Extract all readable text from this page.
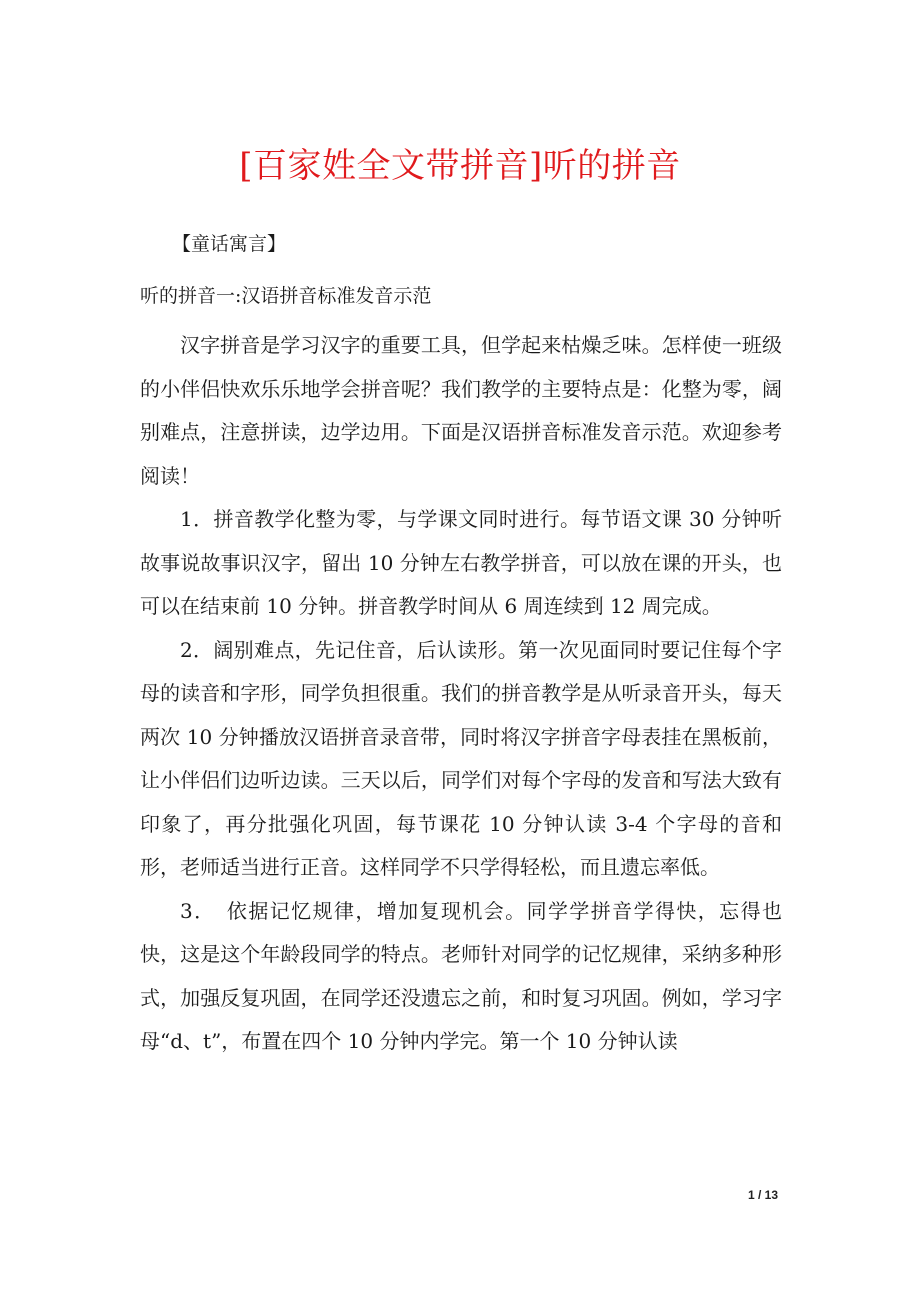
[百家姓全文带拼音]听的拼音
【童话寓言】
听的拼音一:汉语拼音标准发音示范

汉字拼音是学习汉字的重要工具，但学起来枯燥乏味。怎样使一班级的小伴侣快欢乐乐地学会拼音呢？我们教学的主要特点是：化整为零，阔别难点，注意拼读，边学边用。下面是汉语拼音标准发音示范。欢迎参考阅读！

1．拼音教学化整为零，与学课文同时进行。每节语文课 30 分钟听故事说故事识汉字，留出 10 分钟左右教学拼音，可以放在课的开头，也可以在结束前 10 分钟。拼音教学时间从 6 周连续到 12 周完成。

2．阔别难点，先记住音，后认读形。第一次见面同时要记住每个字母的读音和字形，同学负担很重。我们的拼音教学是从听录音开头，每天两次 10 分钟播放汉语拼音录音带，同时将汉字拼音字母表挂在黑板前，让小伴侣们边听边读。三天以后，同学们对每个字母的发音和写法大致有印象了，再分批强化巩固，每节课花 10 分钟认读 3-4 个字母的音和形，老师适当进行正音。这样同学不只学得轻松，而且遗忘率低。

3．　依据记忆规律，增加复现机会。同学学拼音学得快，忘得也快，这是这个年龄段同学的特点。老师针对同学的记忆规律，采纳多种形式，加强反复巩固，在同学还没遗忘之前，和时复习巩固。例如，学习字母“d、t”，布置在四个 10 分钟内学完。第一个 10 分钟认读

1 / 13
